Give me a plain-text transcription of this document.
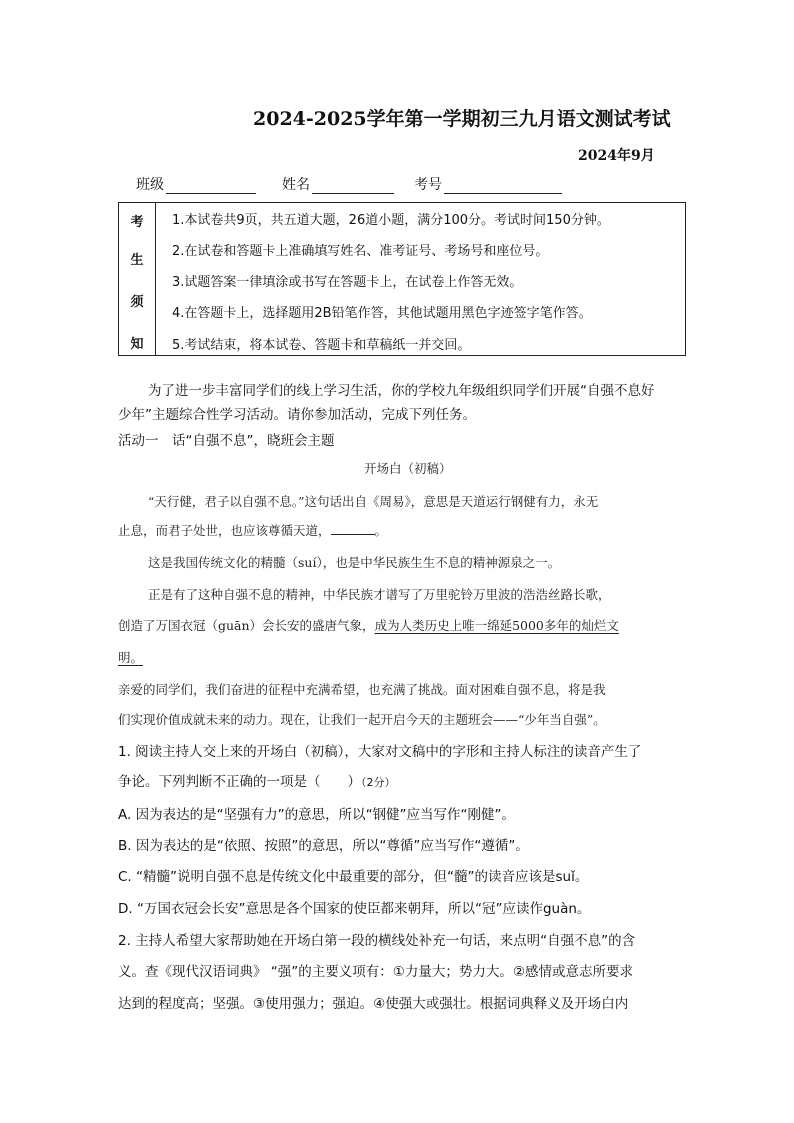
2024-2025学年第一学期初三九月语文测试考试
2024年9月
班级	姓名	考号
考
生
须
知

1.本试卷共9页，共五道大题，26道小题，满分100分。考试时间150分钟。
2.在试卷和答题卡上准确填写姓名、准考证号、考场号和座位号。
3.试题答案一律填涂或书写在答题卡上，在试卷上作答无效。
4.在答题卡上，选择题用2B铅笔作答，其他试题用黑色字迹签字笔作答。
5.考试结束，将本试卷、答题卡和草稿纸一并交回。
为了进一步丰富同学们的线上学习生活，你的学校九年级组织同学们开展“自强不息好
少年”主题综合性学习活动。请你参加活动，完成下列任务。
活动一　话“自强不息”，晓班会主题
开场白（初稿）
“天行健，君子以自强不息。”这句话出自《周易》，意思是天道运行钢健有力，永无
止息，而君子处世，也应该尊循天道，	。
这是我国传统文化的精髓（suí），也是中华民族生生不息的精神源泉之一。
正是有了这种自强不息的精神，中华民族才谱写了万里驼铃万里波的浩浩丝路长歌，
创造了万国衣冠（guān）会长安的盛唐气象，成为人类历史上唯一绵延5000多年的灿烂文
明。
亲爱的同学们，我们奋进的征程中充满希望，也充满了挑战。面对困难自强不息，将是我
们实现价值成就未来的动力。现在，让我们一起开启今天的主题班会——“少年当自强”。
1. 阅读主持人交上来的开场白（初稿），大家对文稿中的字形和主持人标注的读音产生了
争论。下列判断不正确的一项是（　　）（2分）
A. 因为表达的是“坚强有力”的意思，所以“钢健”应当写作“刚健”。
B. 因为表达的是“依照、按照”的意思，所以“尊循”应当写作“遵循”。
C. “精髓”说明自强不息是传统文化中最重要的部分，但“髓”的读音应该是suǐ。
D. “万国衣冠会长安”意思是各个国家的使臣都来朝拜，所以“冠”应读作guàn。
2. 主持人希望大家帮助她在开场白第一段的横线处补充一句话，来点明“自强不息”的含
义。查《现代汉语词典》 “强”的主要义项有：①力量大；势力大。②感情或意志所要求
达到的程度高；坚强。③使用强力；强迫。④使强大或强壮。根据词典释义及开场白内
